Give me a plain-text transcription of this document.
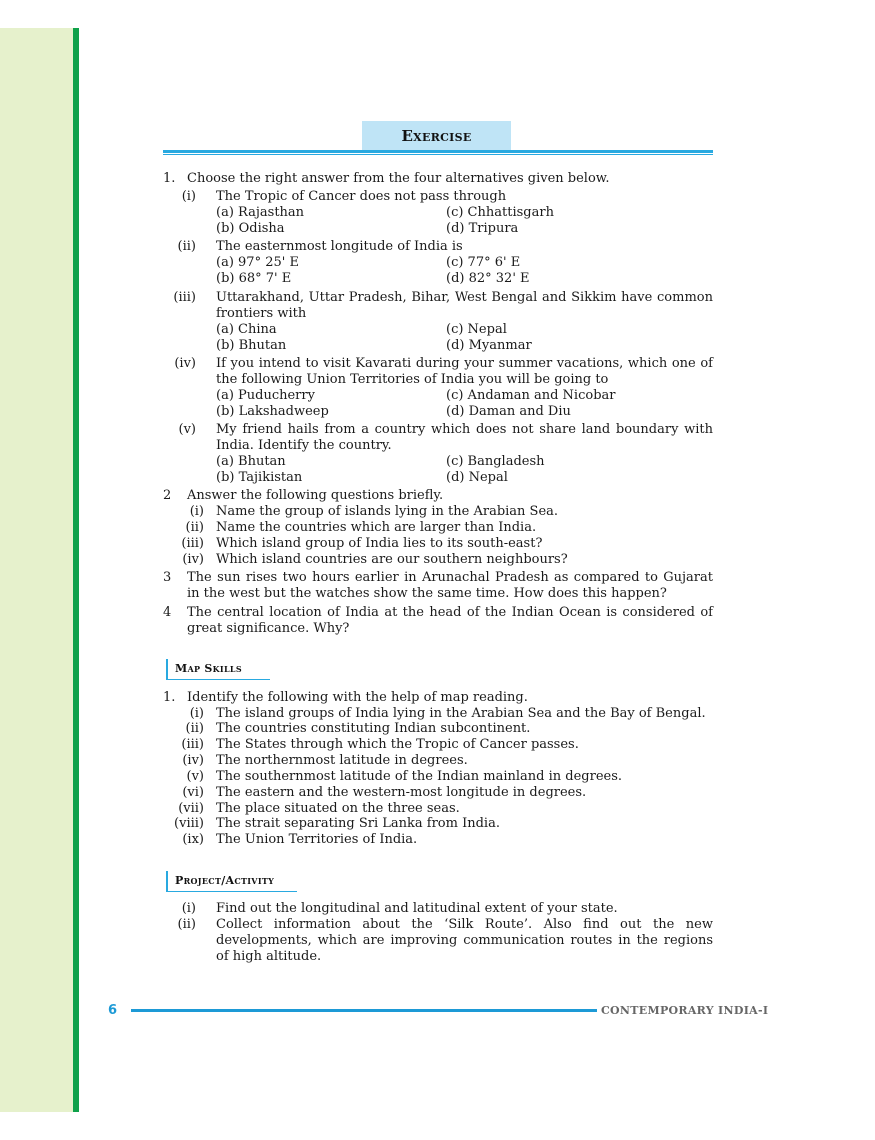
Exercise
1. Choose the right answer from the four alternatives given below.
(i) The Tropic of Cancer does not pass through
(a) Rajasthan
(b) Odisha
(c) Chhattisgarh
(d) Tripura
(ii) The easternmost longitude of India is
(a) 97° 25' E
(b) 68° 7' E
(c) 77° 6' E
(d) 82° 32' E
(iii) Uttarakhand, Uttar Pradesh, Bihar, West Bengal and Sikkim have common frontiers with
(a) China
(b) Bhutan
(c) Nepal
(d) Myanmar
(iv) If you intend to visit Kavarati during your summer vacations, which one of the following Union Territories of India you will be going to
(a) Puducherry
(b) Lakshadweep
(c) Andaman and Nicobar
(d) Daman and Diu
(v) My friend hails from a country which does not share land boundary with India. Identify the country.
(a) Bhutan
(b) Tajikistan
(c) Bangladesh
(d) Nepal
2 Answer the following questions briefly.
(i) Name the group of islands lying in the Arabian Sea.
(ii) Name the countries which are larger than India.
(iii) Which island group of India lies to its south-east?
(iv) Which island countries are our southern neighbours?
3 The sun rises two hours earlier in Arunachal Pradesh as compared to Gujarat in the west but the watches show the same time. How does this happen?
4 The central location of India at the head of the Indian Ocean is considered of great significance. Why?
Map Skills
1. Identify the following with the help of map reading.
(i) The island groups of India lying in the Arabian Sea and the Bay of Bengal.
(ii) The countries constituting Indian subcontinent.
(iii) The States through which the Tropic of Cancer passes.
(iv) The northernmost latitude in degrees.
(v) The southernmost latitude of the Indian mainland in degrees.
(vi) The eastern and the western-most longitude in degrees.
(vii) The place situated on the three seas.
(viii) The strait separating Sri Lanka from India.
(ix) The Union Territories of India.
Project/Activity
(i) Find out the longitudinal and latitudinal extent of your state.
(ii) Collect information about the ‘Silk Route’. Also find out the new developments, which are improving communication routes in the regions of high altitude.
6	CONTEMPORARY INDIA-I
